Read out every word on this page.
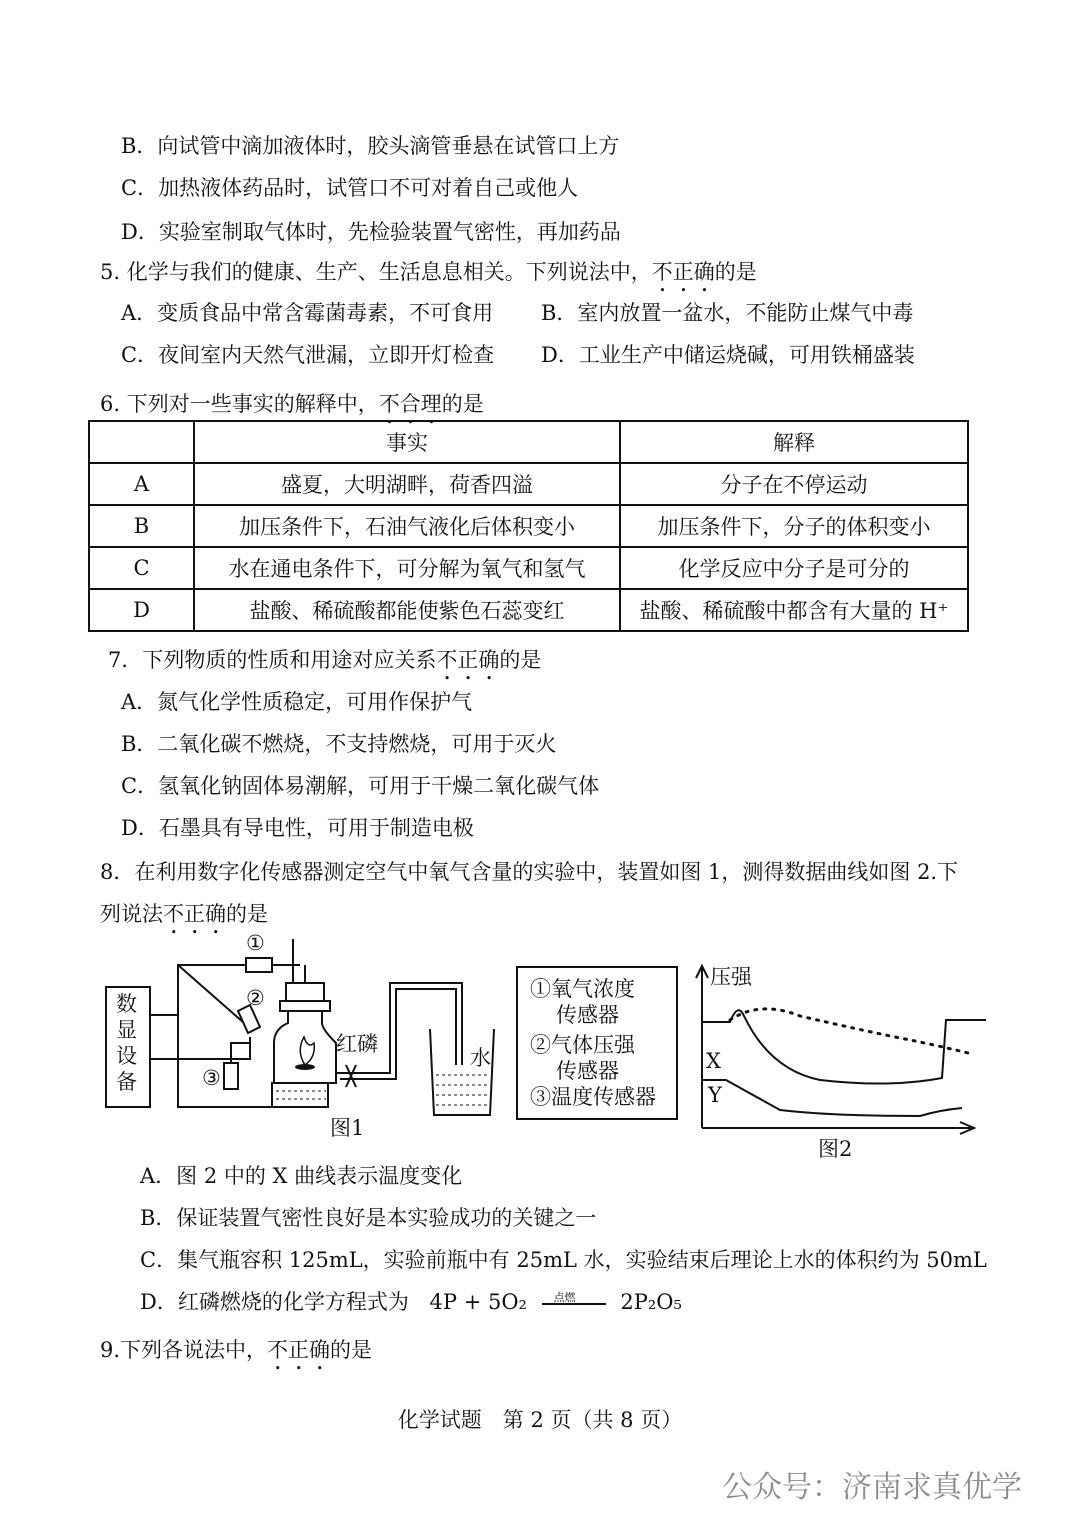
B．向试管中滴加液体时，胶头滴管垂悬在试管口上方
C．加热液体药品时，试管口不可对着自己或他人
D．实验室制取气体时，先检验装置气密性，再加药品
5. 化学与我们的健康、生产、生活息息相关。下列说法中，不正确的是
A．变质食品中常含霉菌毒素，不可食用 B．室内放置一盆水，不能防止煤气中毒
C．夜间室内天然气泄漏，立即开灯检查 D．工业生产中储运烧碱，可用铁桶盛装
6. 下列对一些事实的解释中，不合理的是
	事实	解释
A	盛夏，大明湖畔，荷香四溢	分子在不停运动
B	加压条件下，石油气液化后体积变小	加压条件下，分子的体积变小
C	水在通电条件下，可分解为氧气和氢气	化学反应中分子是可分的
D	盐酸、稀硫酸都能使紫色石蕊变红	盐酸、稀硫酸中都含有大量的 H⁺
7．下列物质的性质和用途对应关系不正确的是
A．氮气化学性质稳定，可用作保护气
B．二氧化碳不燃烧，不支持燃烧，可用于灭火
C．氢氧化钠固体易潮解，可用于干燥二氧化碳气体
D．石墨具有导电性，可用于制造电极
8．在利用数字化传感器测定空气中氧气含量的实验中，装置如图 1，测得数据曲线如图 2.下
列说法不正确的是
数
显
设
备
①
②
③
红磷
水
图1
①氧气浓度
传感器
②气体压强
传感器
③温度传感器
压强
X
Y
图2
A．图 2 中的 X 曲线表示温度变化
B．保证装置气密性良好是本实验成功的关键之一
C．集气瓶容积 125mL，实验前瓶中有 25mL 水，实验结束后理论上水的体积约为 50mL
D．红磷燃烧的化学方程式为 4P + 5O₂ 点燃 2P₂O₅
9.下列各说法中，不正确的是
化学试题　第 2 页（共 8 页）
公众号：济南求真优学
